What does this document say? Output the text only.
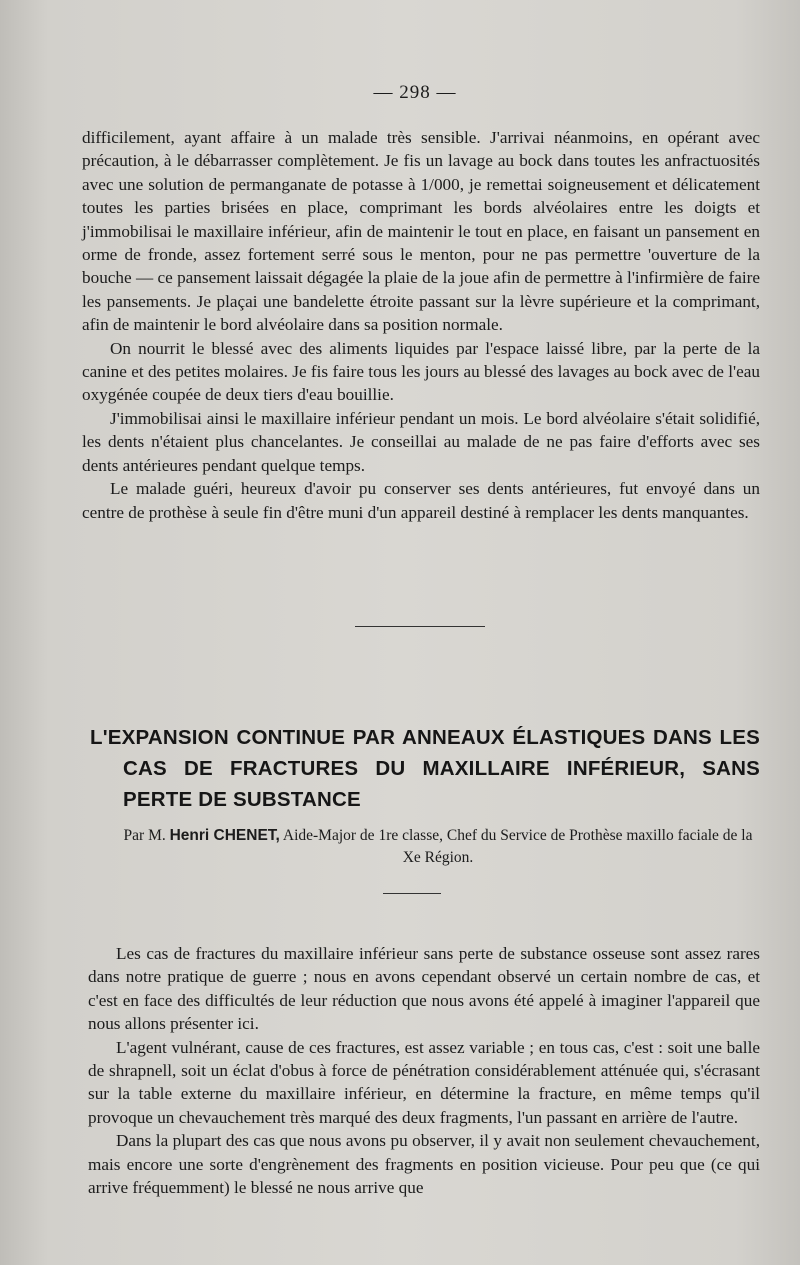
— 298 —

difficilement, ayant affaire à un malade très sensible. J'arrivai néanmoins, en opérant avec précaution, à le débarrasser complètement. Je fis un lavage au bock dans toutes les anfractuosités avec une solution de permanganate de potasse à 1/000, je remettai soigneusement et délicatement toutes les parties brisées en place, comprimant les bords alvéolaires entre les doigts et j'immobilisai le maxillaire inférieur, afin de maintenir le tout en place, en faisant un pansement en orme de fronde, assez fortement serré sous le menton, pour ne pas permettre 'ouverture de la bouche — ce pansement laissait dégagée la plaie de la joue afin de permettre à l'infirmière de faire les pansements. Je plaçai une bandelette étroite passant sur la lèvre supérieure et la comprimant, afin de maintenir le bord alvéolaire dans sa position normale.

On nourrit le blessé avec des aliments liquides par l'espace laissé libre, par la perte de la canine et des petites molaires. Je fis faire tous les jours au blessé des lavages au bock avec de l'eau oxygénée coupée de deux tiers d'eau bouillie.

J'immobilisai ainsi le maxillaire inférieur pendant un mois. Le bord alvéolaire s'était solidifié, les dents n'étaient plus chancelantes. Je conseillai au malade de ne pas faire d'efforts avec ses dents antérieures pendant quelque temps.

Le malade guéri, heureux d'avoir pu conserver ses dents antérieures, fut envoyé dans un centre de prothèse à seule fin d'être muni d'un appareil destiné à remplacer les dents manquantes.

L'EXPANSION CONTINUE PAR ANNEAUX ÉLASTIQUES DANS LES
CAS DE FRACTURES DU MAXILLAIRE INFÉRIEUR, SANS
PERTE DE SUBSTANCE
Par M. Henri CHENET, Aide-Major de 1re classe, Chef du Service de Prothèse maxillo faciale de la Xe Région.

Les cas de fractures du maxillaire inférieur sans perte de substance osseuse sont assez rares dans notre pratique de guerre ; nous en avons cependant observé un certain nombre de cas, et c'est en face des difficultés de leur réduction que nous avons été appelé à imaginer l'appareil que nous allons présenter ici.

L'agent vulnérant, cause de ces fractures, est assez variable ; en tous cas, c'est : soit une balle de shrapnell, soit un éclat d'obus à force de pénétration considérablement atténuée qui, s'écrasant sur la table externe du maxillaire inférieur, en détermine la fracture, en même temps qu'il provoque un chevauchement très marqué des deux fragments, l'un passant en arrière de l'autre.

Dans la plupart des cas que nous avons pu observer, il y avait non seulement chevauchement, mais encore une sorte d'engrènement des fragments en position vicieuse. Pour peu que (ce qui arrive fréquemment) le blessé ne nous arrive que
